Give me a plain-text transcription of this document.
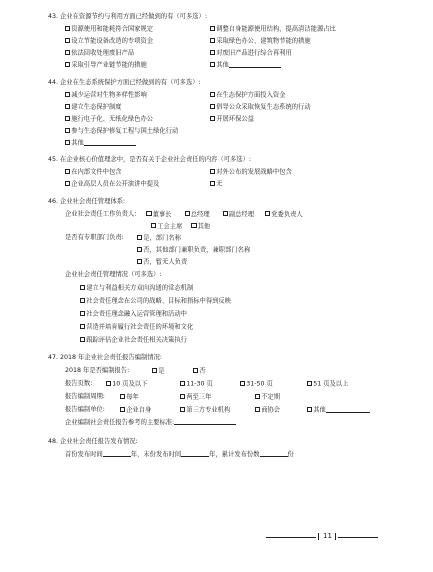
43. 企业在资源节约与利用方面已经做到的有（可多选）:
资源使用和能耗符合国家规定	调整自身能源使用结构，提高清洁能源占比
设立节能设备改造的专项资金	采取绿色办公、建筑物节能的措施
依法回收处理废旧产品	对废旧产品进行综合再利用
采取引导产业链节能的措施	其他
44. 企业在生态系统保护方面已经做到的有（可多选）:
减少运营对生物多样性影响	在生态保护方面投入资金
建立生态保护制度	倡导公众采取恢复生态系统的行动
施行电子化、无纸化绿色办公	开展环保公益
参与生态保护修复工程与国土绿化行动
其他
45. 在企业核心价值理念中，是否有关于企业社会责任的内容（可多选）:
在内部文件中包含	对外公布的发展战略中包含
企业高层人员在公开演讲中提及	无
46. 企业社会责任管理体系:
企业社会责任工作负责人:	董事长	总经理	副总经理	党委负责人
工会主席 其他
是否有专职部门负责:	是，部门名称
否，其他部门兼职负责，兼职部门名称
否，暂无人负责
企业社会责任管理情况（可多选）:
建立与利益相关方双向沟通的常态机制
社会责任理念在公司的战略、目标和指标中得到反映
社会责任理念融入运营管理和活动中
营造并培育履行社会责任的环境和文化
跟踪评估企业社会责任相关决策执行
47. 2018 年企业社会责任报告编制情况:
2018 年是否编制报告:	是	否
报告页数:	10 页及以下	11-30 页	31-50 页	51 页及以上
报告编制周期:	每年	两至三年	不定期
报告编制单位:	企业自身	第三方专业机构	商协会	其他
企业编制社会责任报告参考的主要标准:
48. 企业社会责任报告发布情况:
首份发布时间	年，末份发布时间	年，累计发布份数	份
11
